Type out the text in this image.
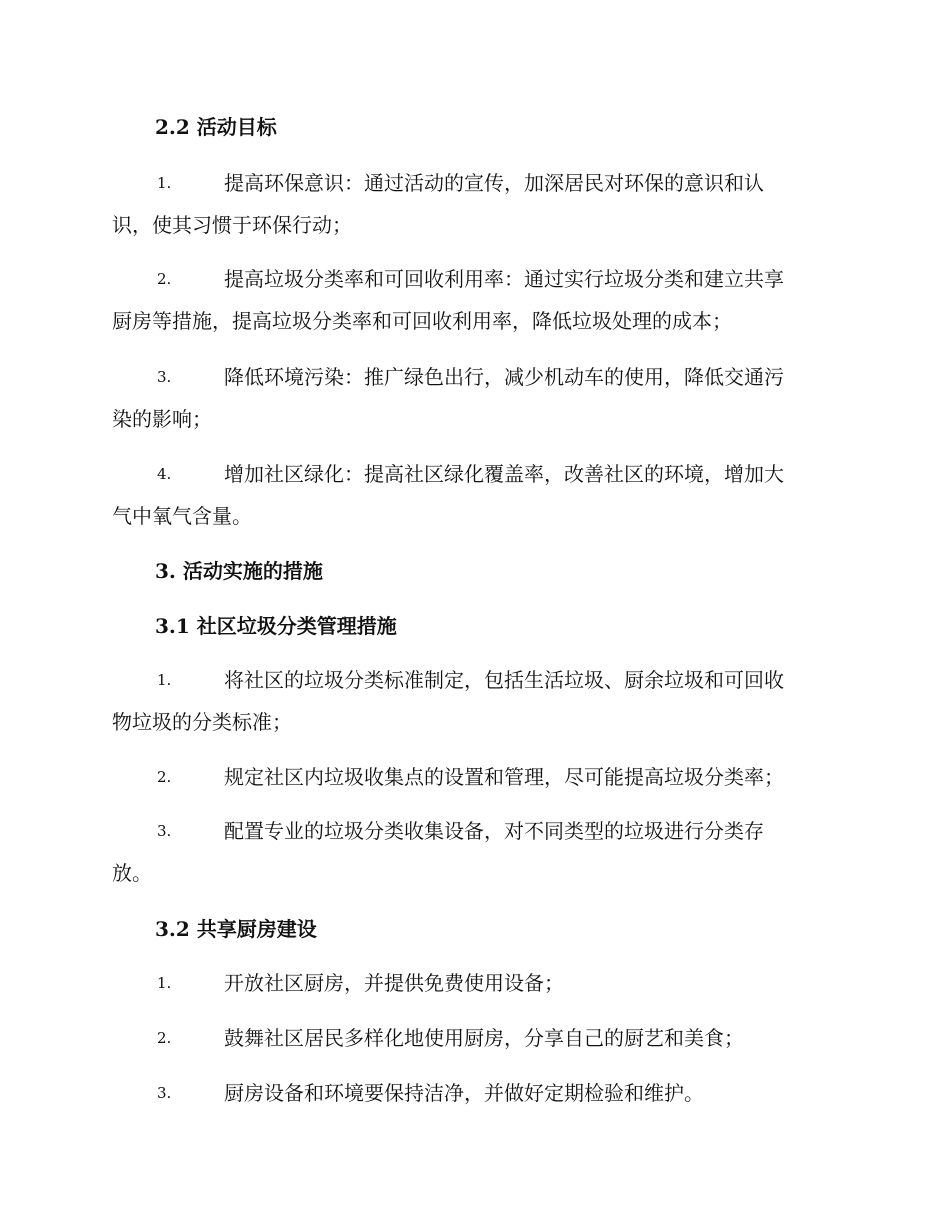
2.2 活动目标
1.	提高环保意识：通过活动的宣传，加深居民对环保的意识和认
识，使其习惯于环保行动；
2.	提高垃圾分类率和可回收利用率：通过实行垃圾分类和建立共享
厨房等措施，提高垃圾分类率和可回收利用率，降低垃圾处理的成本；
3.	降低环境污染：推广绿色出行，减少机动车的使用，降低交通污
染的影响；
4.	增加社区绿化：提高社区绿化覆盖率，改善社区的环境，增加大
气中氧气含量。
3. 活动实施的措施
3.1 社区垃圾分类管理措施
1.	将社区的垃圾分类标准制定，包括生活垃圾、厨余垃圾和可回收
物垃圾的分类标准；
2.	规定社区内垃圾收集点的设置和管理，尽可能提高垃圾分类率；
3.	配置专业的垃圾分类收集设备，对不同类型的垃圾进行分类存
放。
3.2 共享厨房建设
1.	开放社区厨房，并提供免费使用设备；
2.	鼓舞社区居民多样化地使用厨房，分享自己的厨艺和美食；
3.	厨房设备和环境要保持洁净，并做好定期检验和维护。
